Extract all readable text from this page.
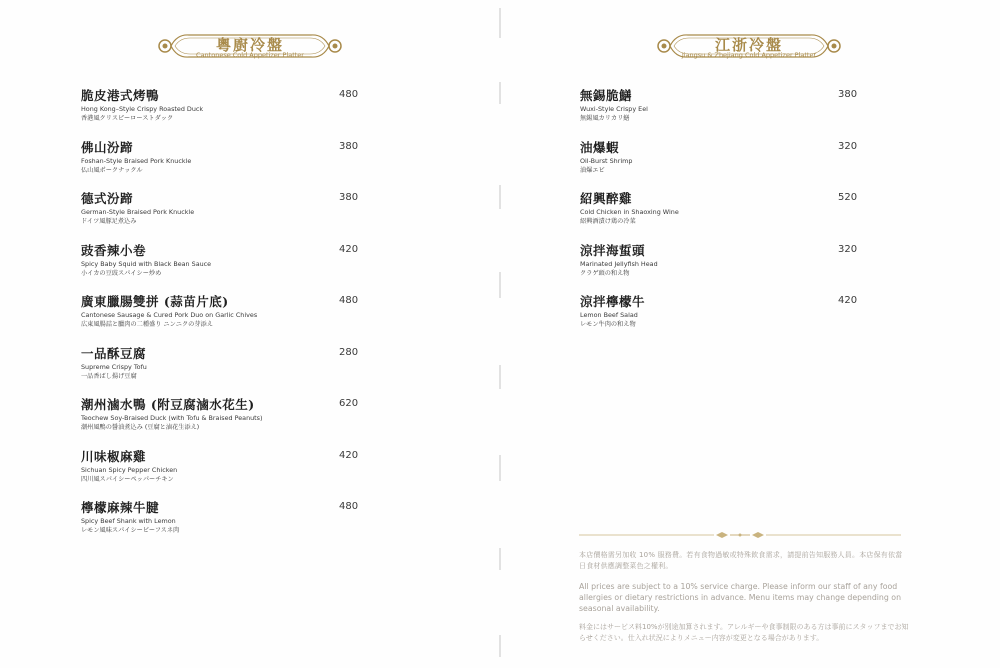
粵廚冷盤
Cantonese Cold Appetizer Platter
脆皮港式烤鴨
Hong Kong–Style Crispy Roasted Duck
香港風クリスピーローストダック
480
佛山汾蹄
Foshan-Style Braised Pork Knuckle
仏山風ポークナックル
380
德式汾蹄
German-Style Braised Pork Knuckle
ドイツ風豚足煮込み
380
豉香辣小卷
Spicy Baby Squid with Black Bean Sauce
小イカの豆豉スパイシー炒め
420
廣東臘腸雙拼 (蒜苗片底)
Cantonese Sausage & Cured Pork Duo on Garlic Chives
広東風腸詰と臘肉の二種盛り ニンニクの芽添え
480
一品酥豆腐
Supreme Crispy Tofu
一品香ばし揚げ豆腐
280
潮州滷水鴨 (附豆腐滷水花生)
Teochew Soy-Braised Duck (with Tofu & Braised Peanuts)
潮州風鴨の醤油煮込み (豆腐と滷花生添え)
620
川味椒麻雞
Sichuan Spicy Pepper Chicken
四川風スパイシーペッパーチキン
420
檸檬麻辣牛腱
Spicy Beef Shank with Lemon
レモン風味スパイシービーフスネ肉
480
江浙冷盤
Jiangsu & Zhejiang Cold Appetizer Platter
無錫脆鱔
Wuxi-Style Crispy Eel
無錫風カリカリ鱔
380
油爆蝦
Oil-Burst Shrimp
油爆エビ
320
紹興醉雞
Cold Chicken in Shaoxing Wine
紹興酒漬け鶏の冷菜
520
涼拌海蜇頭
Marinated Jellyfish Head
クラゲ頭の和え物
320
涼拌檸檬牛
Lemon Beef Salad
レモン牛肉の和え物
420
本店價格需另加收 10% 服務費。若有食物過敏或特殊飲食需求，請提前告知服務人員。本店保有依當日食材供應調整菜色之權利。
All prices are subject to a 10% service charge. Please inform our staff of any food allergies or dietary restrictions in advance. Menu items may change depending on seasonal availability.
料金にはサービス料10%が別途加算されます。アレルギーや食事制限のある方は事前にスタッフまでお知らせください。仕入れ状況によりメニュー内容が変更となる場合があります。
